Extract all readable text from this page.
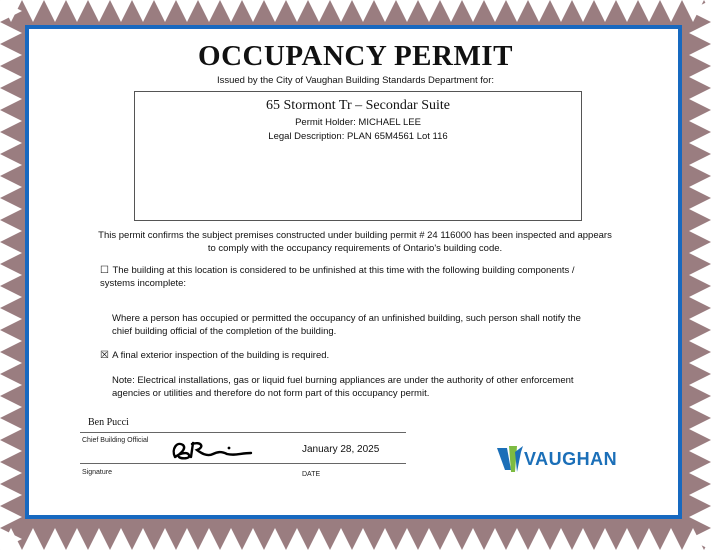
OCCUPANCY PERMIT
Issued by the City of Vaughan Building Standards Department for:
65 Stormont Tr – Secondar Suite
Permit Holder: MICHAEL LEE
Legal Description: PLAN 65M4561 Lot 116
This permit confirms the subject premises constructed under building permit # 24 116000 has been inspected and appears to comply with the occupancy requirements of Ontario's building code.
☐ The building at this location is considered to be unfinished at this time with the following building components / systems incomplete:
Where a person has occupied or permitted the occupancy of an unfinished building, such person shall notify the chief building official of the completion of the building.
☒ A final exterior inspection of the building is required.
Note: Electrical installations, gas or liquid fuel burning appliances are under the authority of other enforcement agencies or utilities and therefore do not form part of this occupancy permit.
Ben Pucci
Chief Building Official
January 28, 2025
Signature	DATE
VAUGHAN
